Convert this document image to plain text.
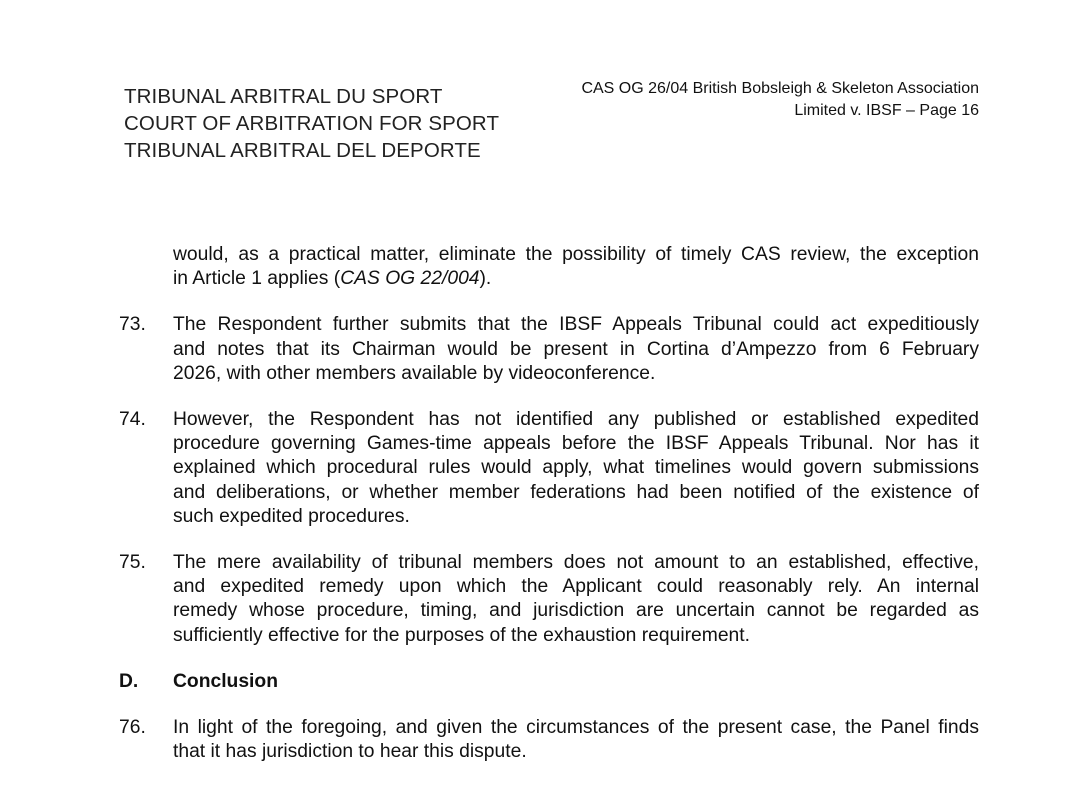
TRIBUNAL ARBITRAL DU SPORT
COURT OF ARBITRATION FOR SPORT
TRIBUNAL ARBITRAL DEL DEPORTE
CAS OG 26/04 British Bobsleigh & Skeleton Association
Limited v. IBSF – Page 16
would, as a practical matter, eliminate the possibility of timely CAS review, the exception
in Article 1 applies (CAS OG 22/004).
73. The Respondent further submits that the IBSF Appeals Tribunal could act expeditiously
and notes that its Chairman would be present in Cortina d’Ampezzo from 6 February
2026, with other members available by videoconference.
74. However, the Respondent has not identified any published or established expedited
procedure governing Games-time appeals before the IBSF Appeals Tribunal. Nor has it
explained which procedural rules would apply, what timelines would govern submissions
and deliberations, or whether member federations had been notified of the existence of
such expedited procedures.
75. The mere availability of tribunal members does not amount to an established, effective,
and expedited remedy upon which the Applicant could reasonably rely. An internal
remedy whose procedure, timing, and jurisdiction are uncertain cannot be regarded as
sufficiently effective for the purposes of the exhaustion requirement.
D. Conclusion
76. In light of the foregoing, and given the circumstances of the present case, the Panel finds
that it has jurisdiction to hear this dispute.
